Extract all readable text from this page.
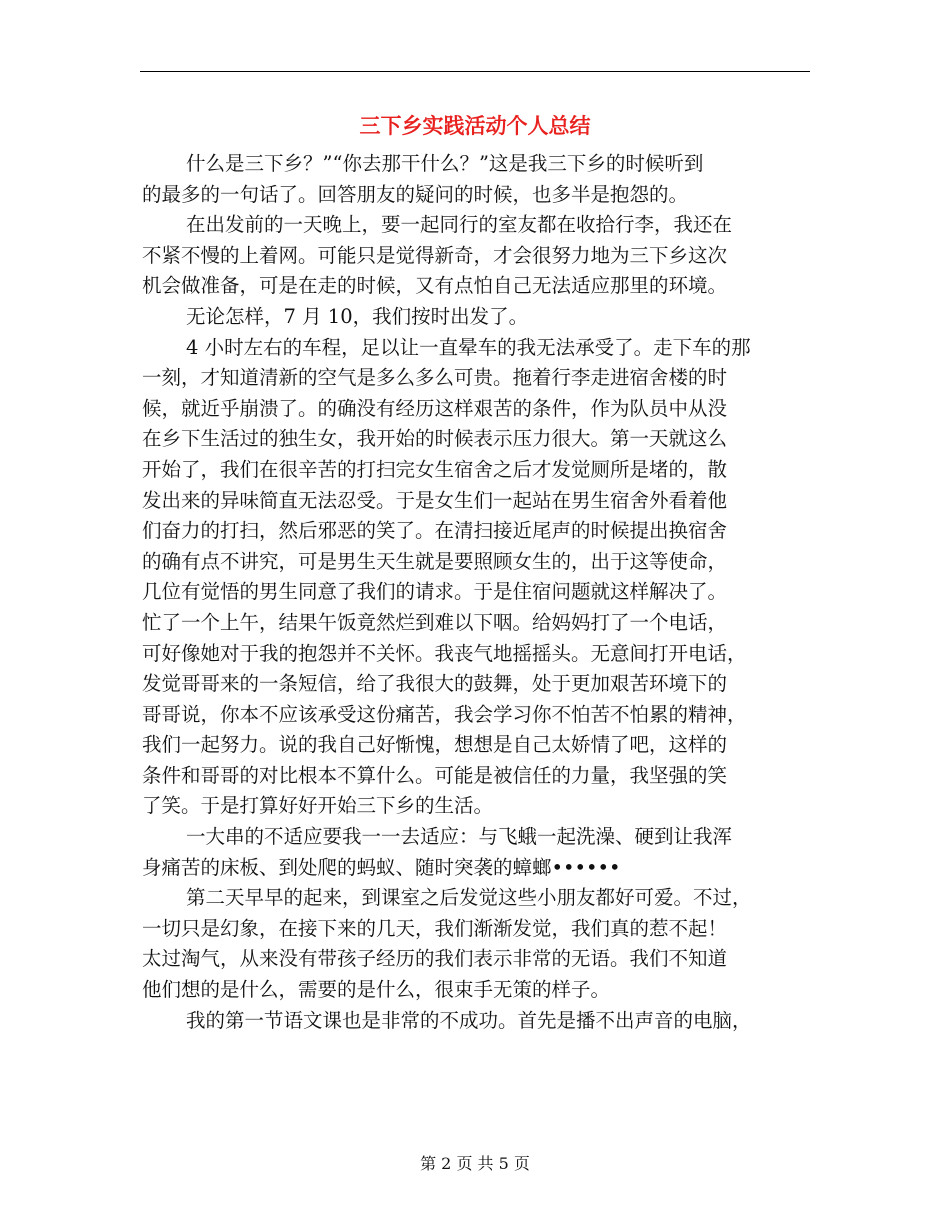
三下乡实践活动个人总结
什么是三下乡？”“你去那干什么？”这是我三下乡的时候听到
的最多的一句话了。回答朋友的疑问的时候，也多半是抱怨的。
在出发前的一天晚上，要一起同行的室友都在收拾行李，我还在
不紧不慢的上着网。可能只是觉得新奇，才会很努力地为三下乡这次
机会做准备，可是在走的时候，又有点怕自己无法适应那里的环境。
无论怎样，7 月 10，我们按时出发了。
4 小时左右的车程，足以让一直晕车的我无法承受了。走下车的那
一刻，才知道清新的空气是多么多么可贵。拖着行李走进宿舍楼的时
候，就近乎崩溃了。的确没有经历这样艰苦的条件，作为队员中从没
在乡下生活过的独生女，我开始的时候表示压力很大。第一天就这么
开始了，我们在很辛苦的打扫完女生宿舍之后才发觉厕所是堵的，散
发出来的异味简直无法忍受。于是女生们一起站在男生宿舍外看着他
们奋力的打扫，然后邪恶的笑了。在清扫接近尾声的时候提出换宿舍
的确有点不讲究，可是男生天生就是要照顾女生的，出于这等使命，
几位有觉悟的男生同意了我们的请求。于是住宿问题就这样解决了。
忙了一个上午，结果午饭竟然烂到难以下咽。给妈妈打了一个电话，
可好像她对于我的抱怨并不关怀。我丧气地摇摇头。无意间打开电话，
发觉哥哥来的一条短信，给了我很大的鼓舞，处于更加艰苦环境下的
哥哥说，你本不应该承受这份痛苦，我会学习你不怕苦不怕累的精神，
我们一起努力。说的我自己好惭愧，想想是自己太娇情了吧，这样的
条件和哥哥的对比根本不算什么。可能是被信任的力量，我坚强的笑
了笑。于是打算好好开始三下乡的生活。
一大串的不适应要我一一去适应：与飞蛾一起洗澡、硬到让我浑
身痛苦的床板、到处爬的蚂蚁、随时突袭的蟑螂••••••
第二天早早的起来，到课室之后发觉这些小朋友都好可爱。不过，
一切只是幻象，在接下来的几天，我们渐渐发觉，我们真的惹不起！
太过淘气，从来没有带孩子经历的我们表示非常的无语。我们不知道
他们想的是什么，需要的是什么，很束手无策的样子。
我的第一节语文课也是非常的不成功。首先是播不出声音的电脑，
第 2 页 共 5 页
